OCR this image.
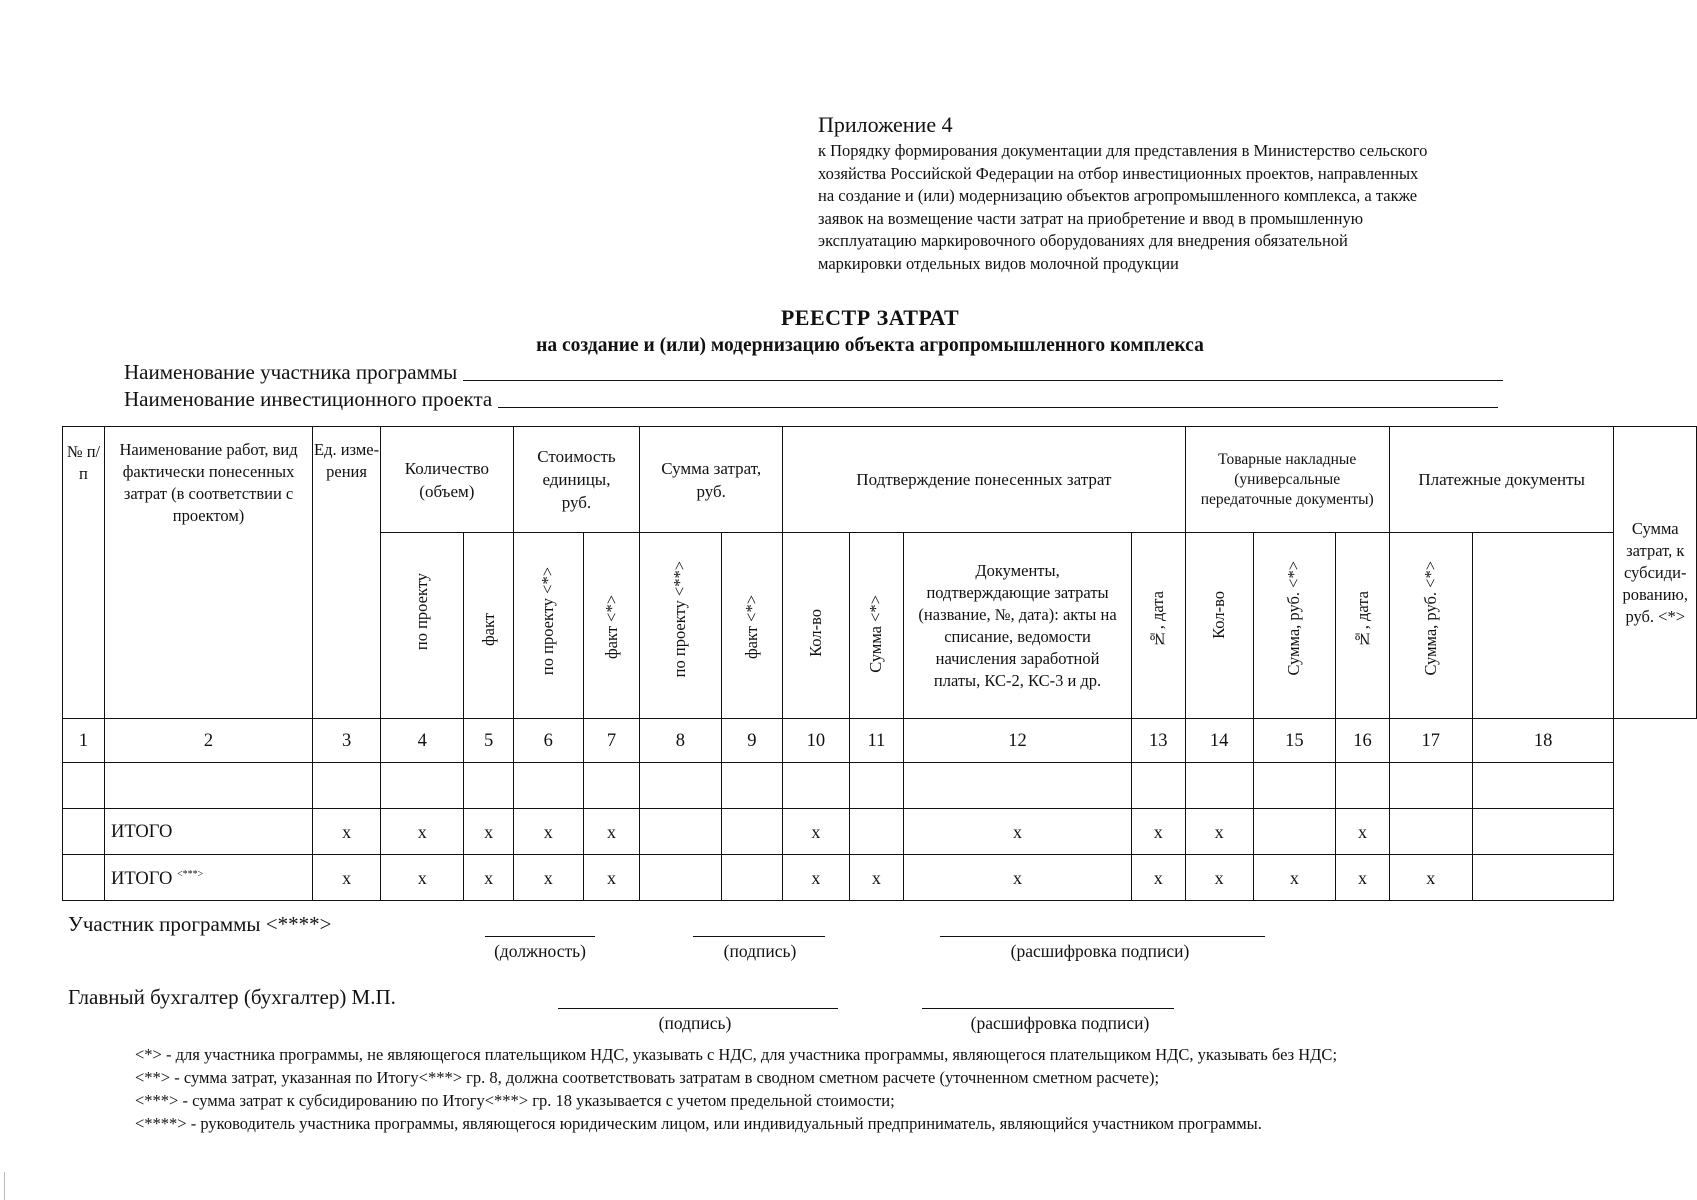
Приложение 4
к Порядку формирования документации для представления в Министерство сельского
хозяйства Российской Федерации на отбор инвестиционных проектов, направленных
на создание и (или) модернизацию объектов агропромышленного комплекса, а также
заявок на возмещение части затрат на приобретение и ввод в промышленную
эксплуатацию маркировочного оборудованиях для внедрения обязательной
маркировки отдельных видов молочной продукции
РЕЕСТР ЗАТРАТ
на создание и (или) модернизацию объекта агропромышленного комплекса
Наименование участника программы
Наименование инвестиционного проекта
№ п/п	Наименование работ, вид фактически понесенных затрат (в соответствии с проектом)	Ед. изме-рения	Количество (объем)		Стоимость единицы, руб.		Сумма затрат, руб.		Подтверждение понесенных затрат				Товарные накладные (универсальные передаточные документы)			Платежные документы		Сумма затрат, к субсиди-рованию, руб. <*>

			по проекту	факт	по проекту <*>	факт <*>	по проекту <**>	факт <*>	Кол-во	Сумма <*>	Документы, подтверждающие затраты (название, №, дата): акты на списание, ведомости начисления заработной платы, КС-2, КС-3 и др.	№, дата	Кол-во	Сумма, руб. <*>	№, дата	Сумма, руб. <*>		

1	2	3	4	5	6	7	8	9	10	11	12	13	14	15	16	17	18	

	ИТОГО	x	x	x	x	x			x		x	x	x		x			
	ИТОГО <***>	x	x	x	x	x			x	x	x	x	x	x	x	x		
Участник программы <****>
(должность)	(подпись)	(расшифровка подписи)
Главный бухгалтер (бухгалтер) М.П.
(подпись)	(расшифровка подписи)
<*> - для участника программы, не являющегося плательщиком НДС, указывать с НДС, для участника программы, являющегося плательщиком НДС, указывать без НДС;
<**> - сумма затрат, указанная по Итогу<***> гр. 8, должна соответствовать затратам в сводном сметном расчете (уточненном сметном расчете);
<***> - сумма затрат к субсидированию по Итогу<***> гр. 18 указывается с учетом предельной стоимости;
<****> - руководитель участника программы, являющегося юридическим лицом, или индивидуальный предприниматель, являющийся участником программы.
